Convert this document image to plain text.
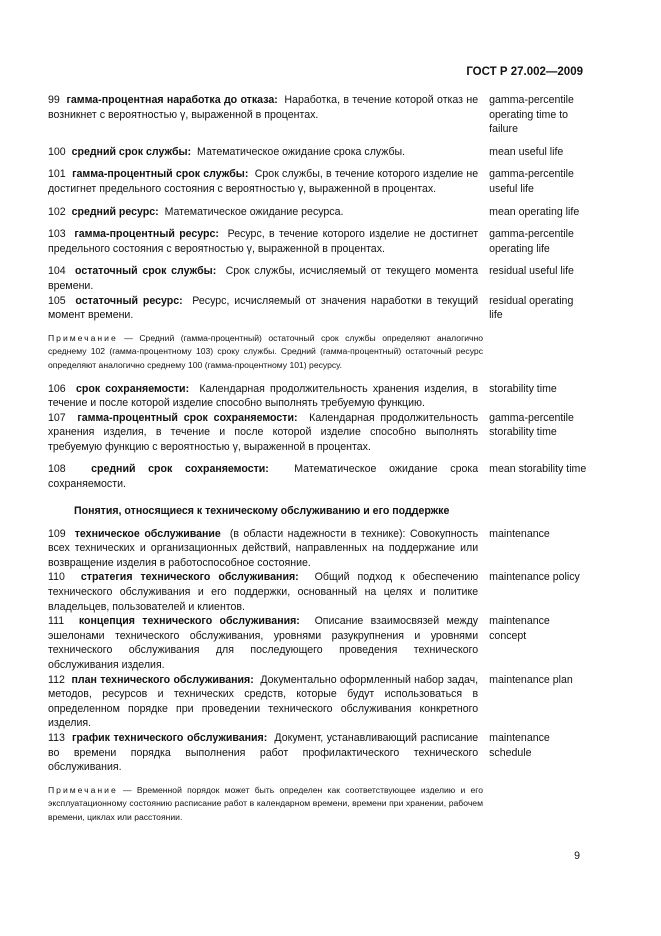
ГОСТ Р 27.002—2009
99 гамма-процентная наработка до отказа: Наработка, в течение которой отказ не возникнет с вероятностью γ, выраженной в процентах.
gamma-percentile operating time to failure
100 средний срок службы: Математическое ожидание срока службы.	mean useful life
101 гамма-процентный срок службы: Срок службы, в течение которого изделие не достигнет предельного состояния с вероятностью γ, выраженной в процентах.
gamma-percentile useful life
102 средний ресурс: Математическое ожидание ресурса.	mean operating life
103 гамма-процентный ресурс: Ресурс, в течение которого изделие не достигнет предельного состояния с вероятностью γ, выраженной в процентах.
gamma-percentile operating life
104 остаточный срок службы: Срок службы, исчисляемый от текущего момента времени.
residual useful life
105 остаточный ресурс: Ресурс, исчисляемый от значения наработки в текущий момент времени.
residual operating life
Примечание — Средний (гамма-процентный) остаточный срок службы определяют аналогично среднему 102 (гамма-процентному 103) сроку службы. Средний (гамма-процентный) остаточный ресурс определяют аналогично среднему 100 (гамма-процентному 101) ресурсу.
106 срок сохраняемости: Календарная продолжительность хранения изделия, в течение и после которой изделие способно выполнять требуемую функцию.
storability time
107 гамма-процентный срок сохраняемости: Календарная продолжительность хранения изделия, в течение и после которой изделие способно выполнять требуемую функцию с вероятностью γ, выраженной в процентах.
gamma-percentile storability time
108 средний срок сохраняемости: Математическое ожидание срока сохраняемости.
mean storability time
Понятия, относящиеся к техническому обслуживанию и его поддержке
109 техническое обслуживание (в области надежности в технике): Совокупность всех технических и организационных действий, направленных на поддержание или возвращение изделия в работоспособное состояние.
maintenance
110 стратегия технического обслуживания: Общий подход к обеспечению технического обслуживания и его поддержки, основанный на целях и политике владельцев, пользователей и клиентов.
maintenance policy
111 концепция технического обслуживания: Описание взаимосвязей между эшелонами технического обслуживания, уровнями разукрупнения и уровнями технического обслуживания для последующего проведения технического обслуживания изделия.
maintenance concept
112 план технического обслуживания: Документально оформленный набор задач, методов, ресурсов и технических средств, которые будут использоваться в определенном порядке при проведении технического обслуживания конкретного изделия.
maintenance plan
113 график технического обслуживания: Документ, устанавливающий расписание во времени порядка выполнения работ профилактического технического обслуживания.
maintenance schedule
Примечание — Временной порядок может быть определен как соответствующее изделию и его эксплуатационному состоянию расписание работ в календарном времени, времени при хранении, рабочем времени, циклах или расстоянии.
9
